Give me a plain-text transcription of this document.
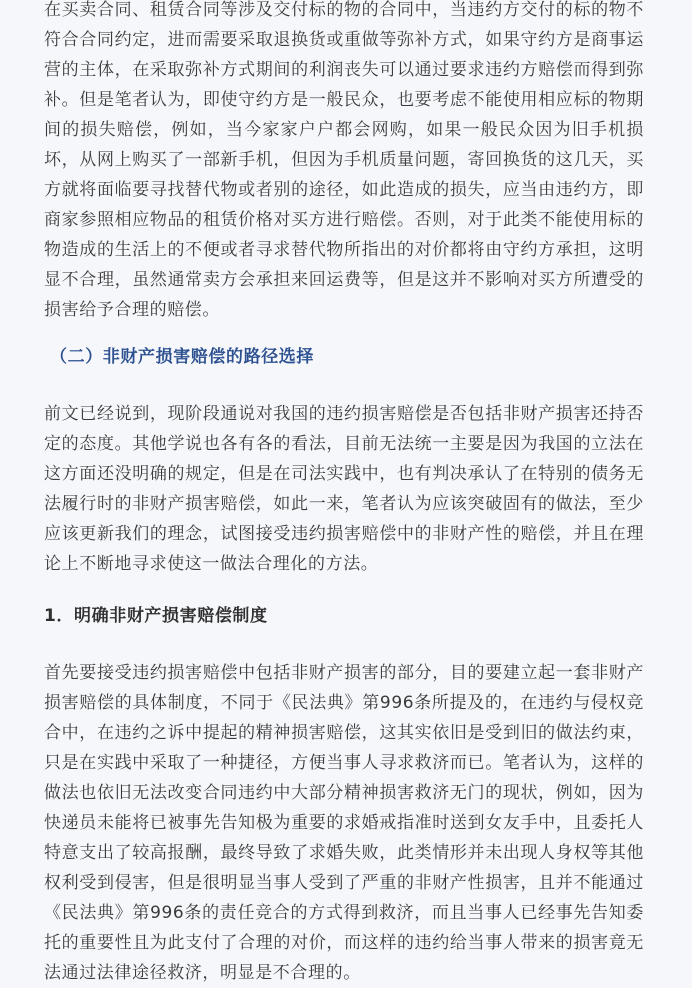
在买卖合同、租赁合同等涉及交付标的物的合同中，当违约方交付的标的物不符合合同约定，进而需要采取退换货或重做等弥补方式，如果守约方是商事运营的主体，在采取弥补方式期间的利润丧失可以通过要求违约方赔偿而得到弥补。但是笔者认为，即使守约方是一般民众，也要考虑不能使用相应标的物期间的损失赔偿，例如，当今家家户户都会网购，如果一般民众因为旧手机损坏，从网上购买了一部新手机，但因为手机质量问题，寄回换货的这几天，买方就将面临要寻找替代物或者别的途径，如此造成的损失，应当由违约方，即商家参照相应物品的租赁价格对买方进行赔偿。否则，对于此类不能使用标的物造成的生活上的不便或者寻求替代物所指出的对价都将由守约方承担，这明显不合理，虽然通常卖方会承担来回运费等，但是这并不影响对买方所遭受的损害给予合理的赔偿。

（二）非财产损害赔偿的路径选择

前文已经说到，现阶段通说对我国的违约损害赔偿是否包括非财产损害还持否定的态度。其他学说也各有各的看法，目前无法统一主要是因为我国的立法在这方面还没明确的规定，但是在司法实践中，也有判决承认了在特别的债务无法履行时的非财产损害赔偿，如此一来，笔者认为应该突破固有的做法，至少应该更新我们的理念，试图接受违约损害赔偿中的非财产性的赔偿，并且在理论上不断地寻求使这一做法合理化的方法。

1．明确非财产损害赔偿制度

首先要接受违约损害赔偿中包括非财产损害的部分，目的要建立起一套非财产损害赔偿的具体制度，不同于《民法典》第996条所提及的，在违约与侵权竞合中，在违约之诉中提起的精神损害赔偿，这其实依旧是受到旧的做法约束，只是在实践中采取了一种捷径，方便当事人寻求救济而已。笔者认为，这样的做法也依旧无法改变合同违约中大部分精神损害救济无门的现状，例如，因为快递员未能将已被事先告知极为重要的求婚戒指准时送到女友手中，且委托人特意支出了较高报酬，最终导致了求婚失败，此类情形并未出现人身权等其他权利受到侵害，但是很明显当事人受到了严重的非财产性损害，且并不能通过《民法典》第996条的责任竞合的方式得到救济，而且当事人已经事先告知委托的重要性且为此支付了合理的对价，而这样的违约给当事人带来的损害竟无法通过法律途径救济，明显是不合理的。
